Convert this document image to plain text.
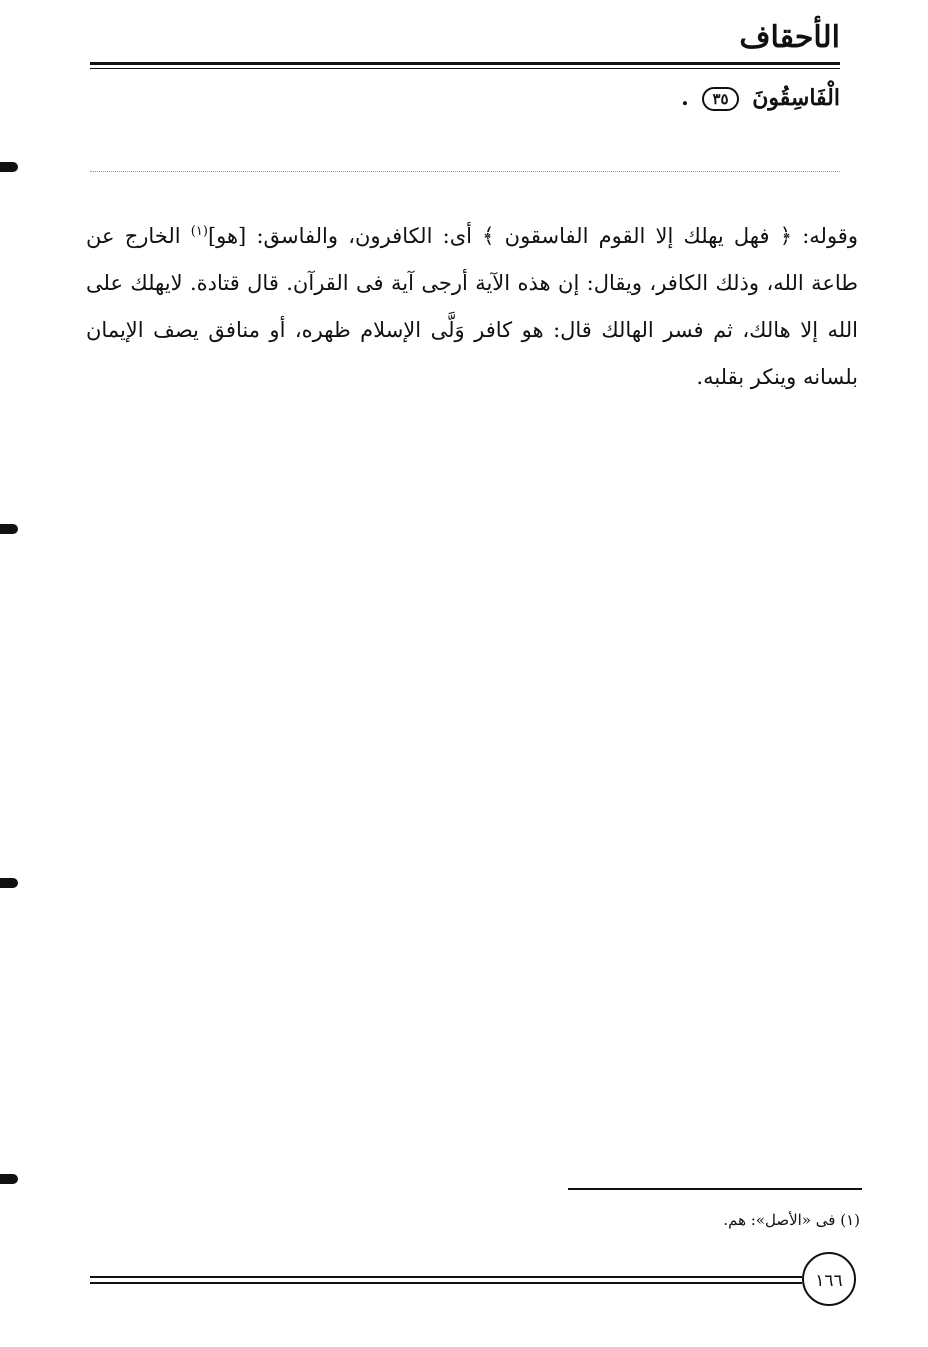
الأحقاف
الْفَاسِقُونَ ٣٥ .

وقوله: ﴿ فهل يهلك إلا القوم الفاسقون ﴾ أى: الكافرون، والفاسق: [هو]$^{(١)}$ الخارج عن طاعة الله، وذلك الكافر، ويقال: إن هذه الآية أرجى آية فى القرآن. قال قتادة. لايهلك على الله إلا هالك، ثم فسر الهالك قال: هو كافر وَلَّى الإسلام ظهره، أو منافق يصف الإيمان بلسانه وينكر بقلبه.

(١) فى «الأصل»: هم.
١٦٦
